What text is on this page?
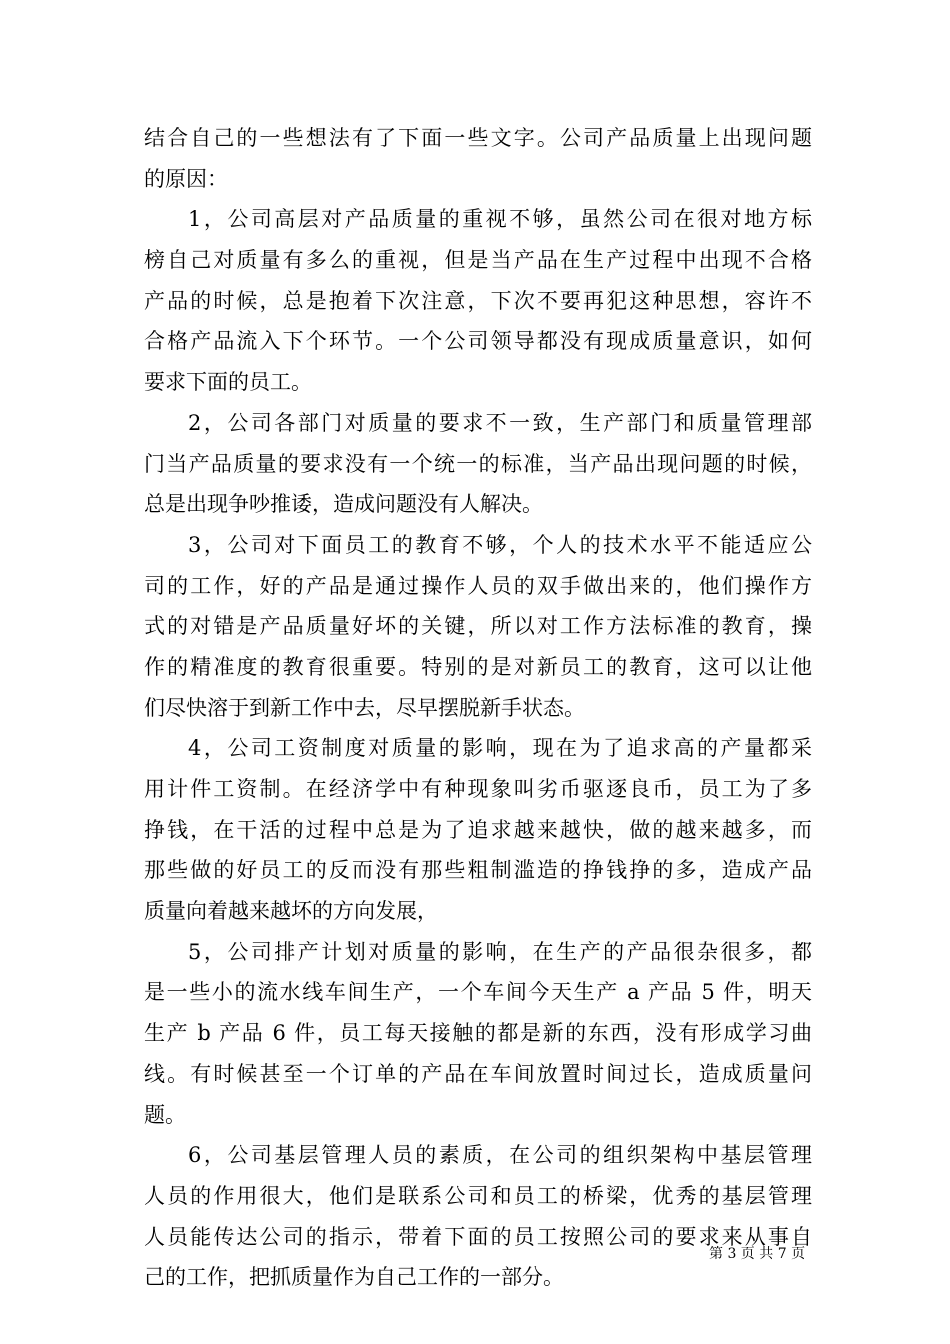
结合自己的一些想法有了下面一些文字。公司产品质量上出现问题
的原因：
1，公司高层对产品质量的重视不够，虽然公司在很对地方标
榜自己对质量有多么的重视，但是当产品在生产过程中出现不合格
产品的时候，总是抱着下次注意，下次不要再犯这种思想，容许不
合格产品流入下个环节。一个公司领导都没有现成质量意识，如何
要求下面的员工。
2，公司各部门对质量的要求不一致，生产部门和质量管理部
门当产品质量的要求没有一个统一的标准，当产品出现问题的时候，
总是出现争吵推诿，造成问题没有人解决。
3，公司对下面员工的教育不够，个人的技术水平不能适应公
司的工作，好的产品是通过操作人员的双手做出来的，他们操作方
式的对错是产品质量好坏的关键，所以对工作方法标准的教育，操
作的精准度的教育很重要。特别的是对新员工的教育，这可以让他
们尽快溶于到新工作中去，尽早摆脱新手状态。
4，公司工资制度对质量的影响，现在为了追求高的产量都采
用计件工资制。在经济学中有种现象叫劣币驱逐良币，员工为了多
挣钱，在干活的过程中总是为了追求越来越快，做的越来越多，而
那些做的好员工的反而没有那些粗制滥造的挣钱挣的多，造成产品
质量向着越来越坏的方向发展，
5，公司排产计划对质量的影响，在生产的产品很杂很多，都
是一些小的流水线车间生产，一个车间今天生产 a 产品 5 件，明天
生产 b 产品 6 件，员工每天接触的都是新的东西，没有形成学习曲
线。有时候甚至一个订单的产品在车间放置时间过长，造成质量问
题。
6，公司基层管理人员的素质，在公司的组织架构中基层管理
人员的作用很大，他们是联系公司和员工的桥梁，优秀的基层管理
人员能传达公司的指示，带着下面的员工按照公司的要求来从事自
己的工作，把抓质量作为自己工作的一部分。
第 3 页 共 7 页
